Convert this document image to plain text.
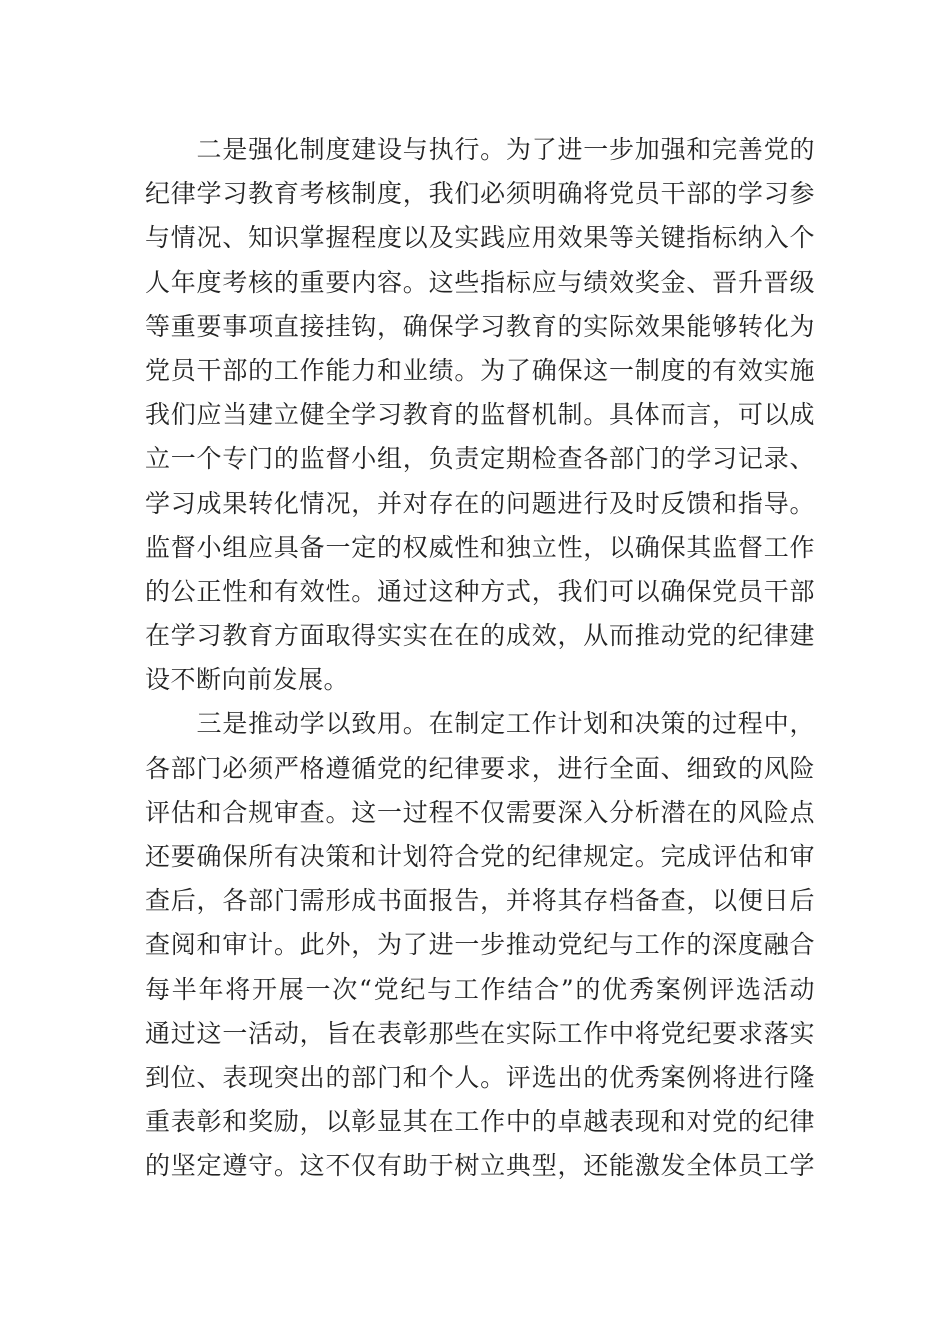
　　二是强化制度建设与执行。为了进一步加强和完善党的
纪律学习教育考核制度，我们必须明确将党员干部的学习参
与情况、知识掌握程度以及实践应用效果等关键指标纳入个
人年度考核的重要内容。这些指标应与绩效奖金、晋升晋级
等重要事项直接挂钩，确保学习教育的实际效果能够转化为
党员干部的工作能力和业绩。为了确保这一制度的有效实施
我们应当建立健全学习教育的监督机制。具体而言，可以成
立一个专门的监督小组，负责定期检查各部门的学习记录、
学习成果转化情况，并对存在的问题进行及时反馈和指导。
监督小组应具备一定的权威性和独立性，以确保其监督工作
的公正性和有效性。通过这种方式，我们可以确保党员干部
在学习教育方面取得实实在在的成效，从而推动党的纪律建
设不断向前发展。
　　三是推动学以致用。在制定工作计划和决策的过程中，
各部门必须严格遵循党的纪律要求，进行全面、细致的风险
评估和合规审查。这一过程不仅需要深入分析潜在的风险点
还要确保所有决策和计划符合党的纪律规定。完成评估和审
查后，各部门需形成书面报告，并将其存档备查，以便日后
查阅和审计。此外，为了进一步推动党纪与工作的深度融合
每半年将开展一次“党纪与工作结合”的优秀案例评选活动
通过这一活动，旨在表彰那些在实际工作中将党纪要求落实
到位、表现突出的部门和个人。评选出的优秀案例将进行隆
重表彰和奖励，以彰显其在工作中的卓越表现和对党的纪律
的坚定遵守。这不仅有助于树立典型，还能激发全体员工学
